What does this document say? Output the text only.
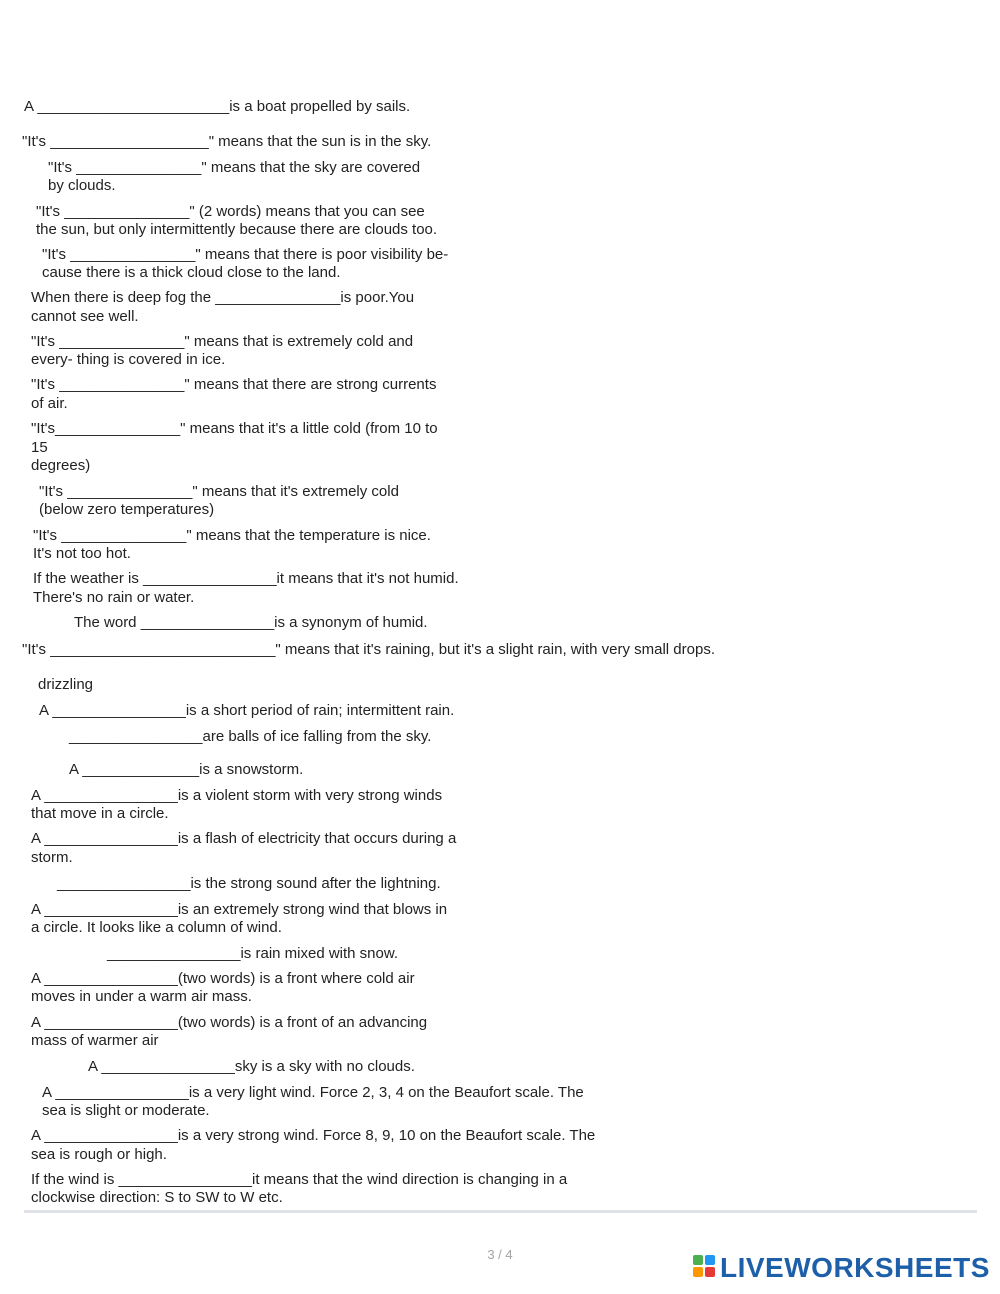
A _______________________is a boat propelled by sails.

"It's ___________________" means that the sun is in the sky.

"It's _______________" means that the sky are covered

by clouds.

"It's _______________" (2 words) means that you can see

the sun, but only intermittently because there are clouds too.

"It's _______________" means that there is poor visibility be-

cause there is a thick cloud close to the land.

When there is deep fog the _______________is poor.You

cannot see well.

"It's _______________" means that is extremely cold and

every- thing is covered in ice.

"It's _______________" means that there are strong currents

of air.

"It's_______________" means that it's a little cold (from 10 to

15

degrees)

"It's _______________" means that it's extremely cold

(below zero temperatures)

"It's _______________" means that the temperature is nice.

It's not too hot.

If the weather is ________________it means that it's not humid.

There's no rain or water.

The word ________________is a synonym of humid.

"It's ___________________________" means that it's raining, but it's a slight rain, with very small drops.

drizzling

A ________________is a short period of rain; intermittent rain.

________________are balls of ice falling from the sky.

A ______________is a snowstorm.

A ________________is a violent storm with very strong winds

that move in a circle.

A ________________is a flash of electricity that occurs during a

storm.

________________is the strong sound after the lightning.

A ________________is an extremely strong wind that blows in

a circle. It looks like a column of wind.

________________is rain mixed with snow.

A ________________(two words) is a front where cold air

moves in under a warm air mass.

A ________________(two words) is a front of an advancing

mass of warmer air

A ________________sky is a sky with no clouds.

A ________________is a very light wind. Force 2, 3, 4 on the Beaufort scale. The

sea is slight or moderate.

A ________________is a very strong wind. Force 8, 9, 10 on the Beaufort scale. The

sea is rough or high.

If the wind is ________________it means that the wind direction is changing in a

clockwise direction: S to SW to W etc.

3 / 4	LIVEWORKSHEETS
